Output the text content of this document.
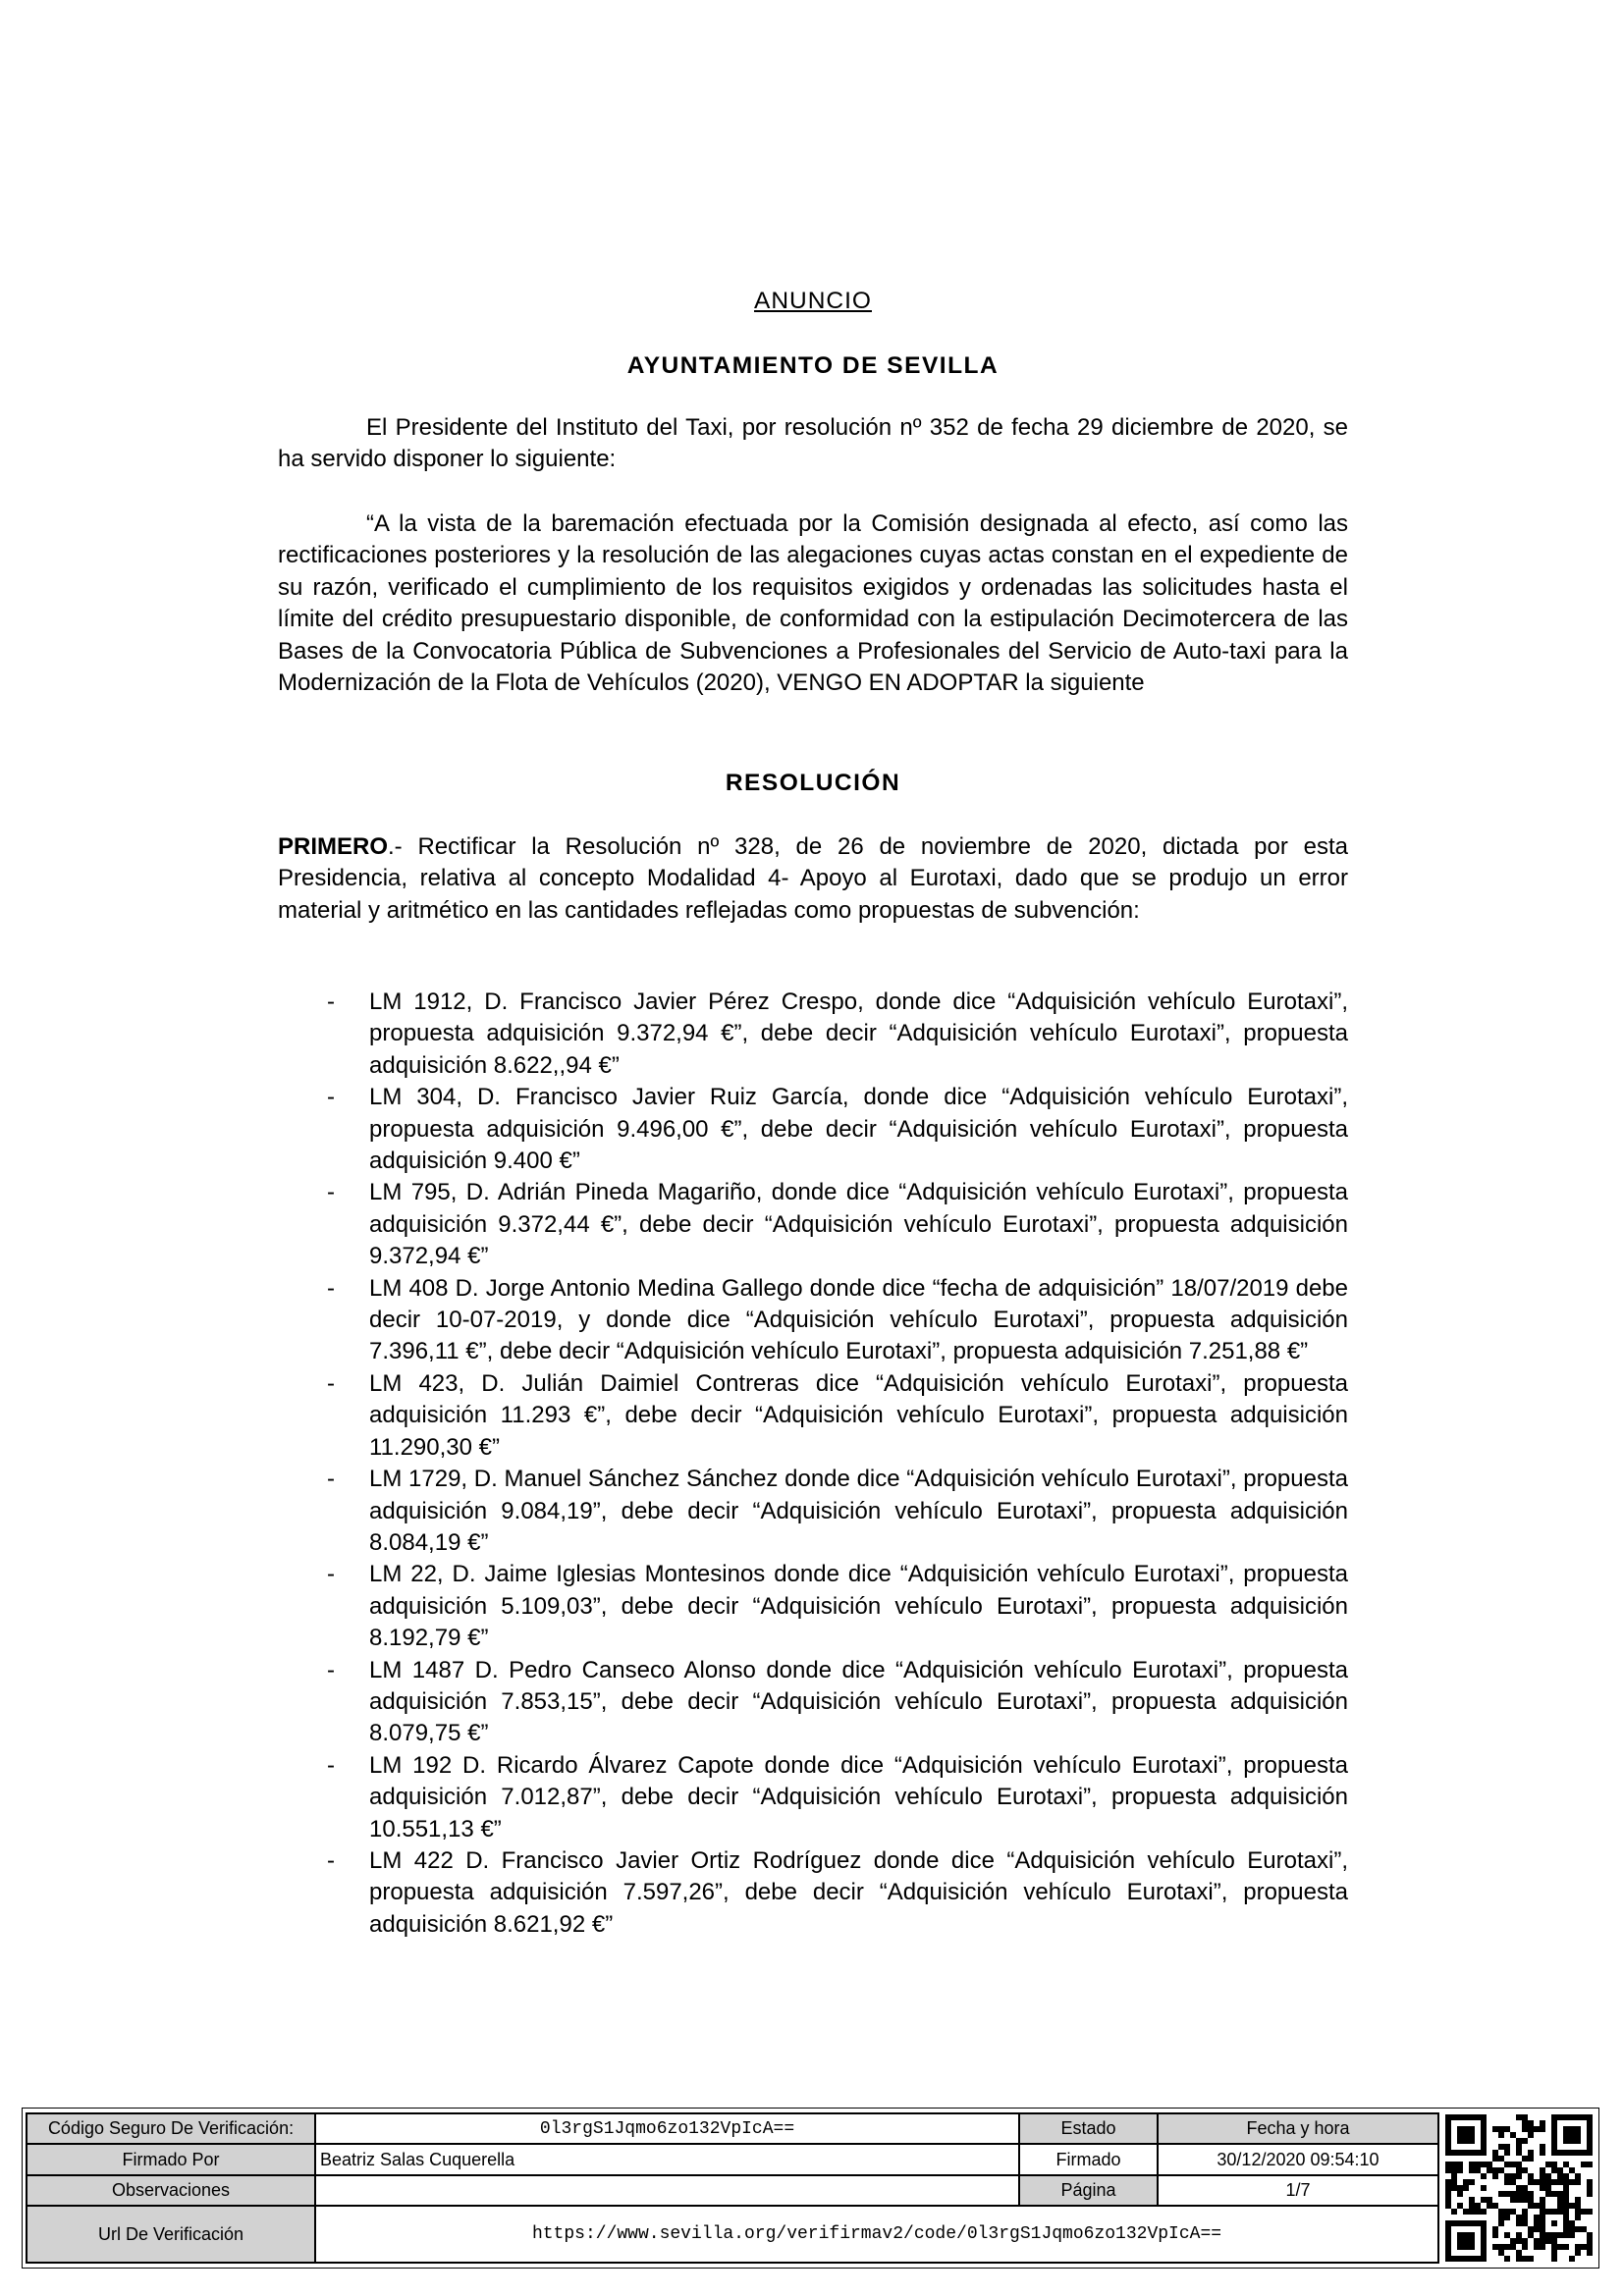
ANUNCIO
AYUNTAMIENTO DE SEVILLA
El Presidente del Instituto del Taxi, por resolución nº 352 de fecha 29 diciembre de 2020, se ha servido disponer lo siguiente:
“A la vista de la baremación efectuada por la Comisión designada al efecto, así como las rectificaciones posteriores y la resolución de las alegaciones cuyas actas constan en el expediente de su razón, verificado el cumplimiento de los requisitos exigidos y ordenadas las solicitudes hasta el límite del crédito presupuestario disponible, de conformidad con la estipulación Decimotercera de las Bases de la Convocatoria Pública de Subvenciones a Profesionales del Servicio de Auto-taxi para la Modernización de la Flota de Vehículos (2020), VENGO EN ADOPTAR la siguiente
RESOLUCIÓN
PRIMERO.- Rectificar la Resolución nº 328, de 26 de noviembre de 2020, dictada por esta Presidencia, relativa al concepto Modalidad 4- Apoyo al Eurotaxi, dado que se produjo un error material y aritmético en las cantidades reflejadas como propuestas de subvención:
- LM 1912, D. Francisco Javier Pérez Crespo, donde dice “Adquisición vehículo Eurotaxi”, propuesta adquisición 9.372,94 €”, debe decir “Adquisición vehículo Eurotaxi”, propuesta adquisición 8.622,,94 €”
- LM 304, D. Francisco Javier Ruiz García, donde dice “Adquisición vehículo Eurotaxi”, propuesta adquisición 9.496,00 €”, debe decir “Adquisición vehículo Eurotaxi”, propuesta adquisición 9.400 €”
- LM 795, D. Adrián Pineda Magariño, donde dice “Adquisición vehículo Eurotaxi”, propuesta adquisición 9.372,44 €”, debe decir “Adquisición vehículo Eurotaxi”, propuesta adquisición 9.372,94 €”
- LM 408 D. Jorge Antonio Medina Gallego donde dice “fecha de adquisición” 18/07/2019 debe decir 10-07-2019, y donde dice “Adquisición vehículo Eurotaxi”, propuesta adquisición 7.396,11 €”, debe decir “Adquisición vehículo Eurotaxi”, propuesta adquisición 7.251,88 €”
- LM 423, D. Julián Daimiel Contreras dice “Adquisición vehículo Eurotaxi”, propuesta adquisición 11.293 €”, debe decir “Adquisición vehículo Eurotaxi”, propuesta adquisición 11.290,30 €”
- LM 1729, D. Manuel Sánchez Sánchez donde dice “Adquisición vehículo Eurotaxi”, propuesta adquisición 9.084,19”, debe decir “Adquisición vehículo Eurotaxi”, propuesta adquisición 8.084,19 €”
- LM 22, D. Jaime Iglesias Montesinos donde dice “Adquisición vehículo Eurotaxi”, propuesta adquisición 5.109,03”, debe decir “Adquisición vehículo Eurotaxi”, propuesta adquisición 8.192,79 €”
- LM 1487 D. Pedro Canseco Alonso donde dice “Adquisición vehículo Eurotaxi”, propuesta adquisición 7.853,15”, debe decir “Adquisición vehículo Eurotaxi”, propuesta adquisición 8.079,75 €”
- LM 192 D. Ricardo Álvarez Capote donde dice “Adquisición vehículo Eurotaxi”, propuesta adquisición 7.012,87”, debe decir “Adquisición vehículo Eurotaxi”, propuesta adquisición 10.551,13 €”
- LM 422 D. Francisco Javier Ortiz Rodríguez donde dice “Adquisición vehículo Eurotaxi”, propuesta adquisición 7.597,26”, debe decir “Adquisición vehículo Eurotaxi”, propuesta adquisición 8.621,92 €”
Código Seguro De Verificación:	0l3rgS1Jqmo6zo132VpIcA==	Estado	Fecha y hora
Firmado Por	Beatriz Salas Cuquerella	Firmado	30/12/2020 09:54:10
Observaciones		Página	1/7
Url De Verificación	https://www.sevilla.org/verifirmav2/code/0l3rgS1Jqmo6zo132VpIcA==		
